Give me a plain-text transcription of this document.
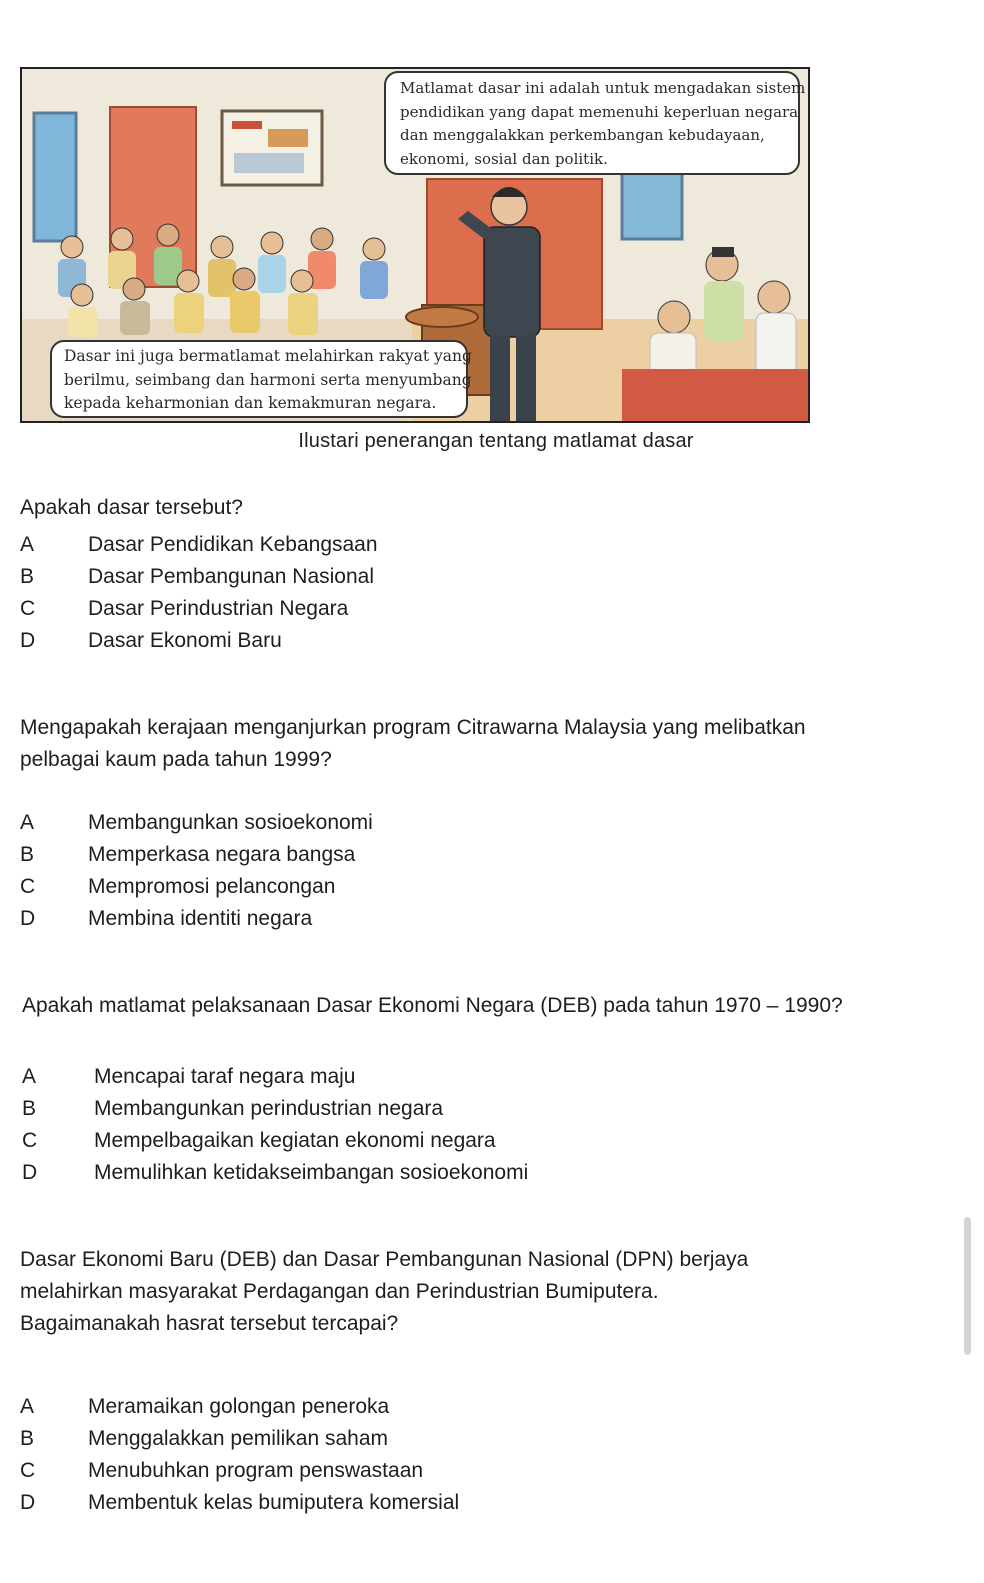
Matlamat dasar ini adalah untuk mengadakan sistem
pendidikan yang dapat memenuhi keperluan negara
dan menggalakkan perkembangan kebudayaan,
ekonomi, sosial dan politik.
Dasar ini juga bermatlamat melahirkan rakyat yang
berilmu, seimbang dan harmoni serta menyumbang
kepada keharmonian dan kemakmuran negara.
Ilustari penerangan tentang matlamat dasar
Apakah dasar tersebut?
A	Dasar Pendidikan Kebangsaan
B	Dasar Pembangunan Nasional
C	Dasar Perindustrian Negara
D	Dasar Ekonomi Baru
Mengapakah kerajaan menganjurkan program Citrawarna Malaysia yang melibatkan
pelbagai kaum pada tahun 1999?
A	Membangunkan sosioekonomi
B	Memperkasa negara bangsa
C	Mempromosi pelancongan
D	Membina identiti negara
Apakah matlamat pelaksanaan Dasar Ekonomi Negara (DEB) pada tahun 1970 – 1990?
A	Mencapai taraf negara maju
B	Membangunkan perindustrian negara
C	Mempelbagaikan kegiatan ekonomi negara
D	Memulihkan ketidakseimbangan sosioekonomi
Dasar Ekonomi Baru (DEB) dan Dasar Pembangunan Nasional (DPN) berjaya
melahirkan masyarakat Perdagangan dan Perindustrian Bumiputera.
Bagaimanakah hasrat tersebut tercapai?
A	Meramaikan golongan peneroka
B	Menggalakkan pemilikan saham
C	Menubuhkan program penswastaan
D	Membentuk kelas bumiputera komersial
